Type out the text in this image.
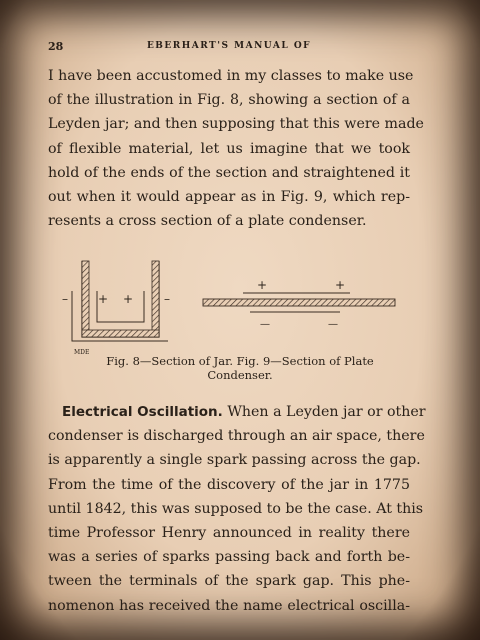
28	EBERHART'S MANUAL OF
I have been accustomed in my classes to make use
of the illustration in Fig. 8, showing a section of a
Leyden jar; and then supposing that this were made
of flexible material, let us imagine that we took
hold of the ends of the section and straightened it
out when it would appear as in Fig. 9, which rep-
resents a cross section of a plate condenser.
+ +
–	–
MDE
+	+
—	—
Fig. 8—Section of Jar. Fig. 9—Section of Plate
Condenser.
Electrical Oscillation. When a Leyden jar or other
condenser is discharged through an air space, there
is apparently a single spark passing across the gap.
From the time of the discovery of the jar in 1775
until 1842, this was supposed to be the case. At this
time Professor Henry announced in reality there
was a series of sparks passing back and forth be-
tween the terminals of the spark gap. This phe-
nomenon has received the name electrical oscilla-
